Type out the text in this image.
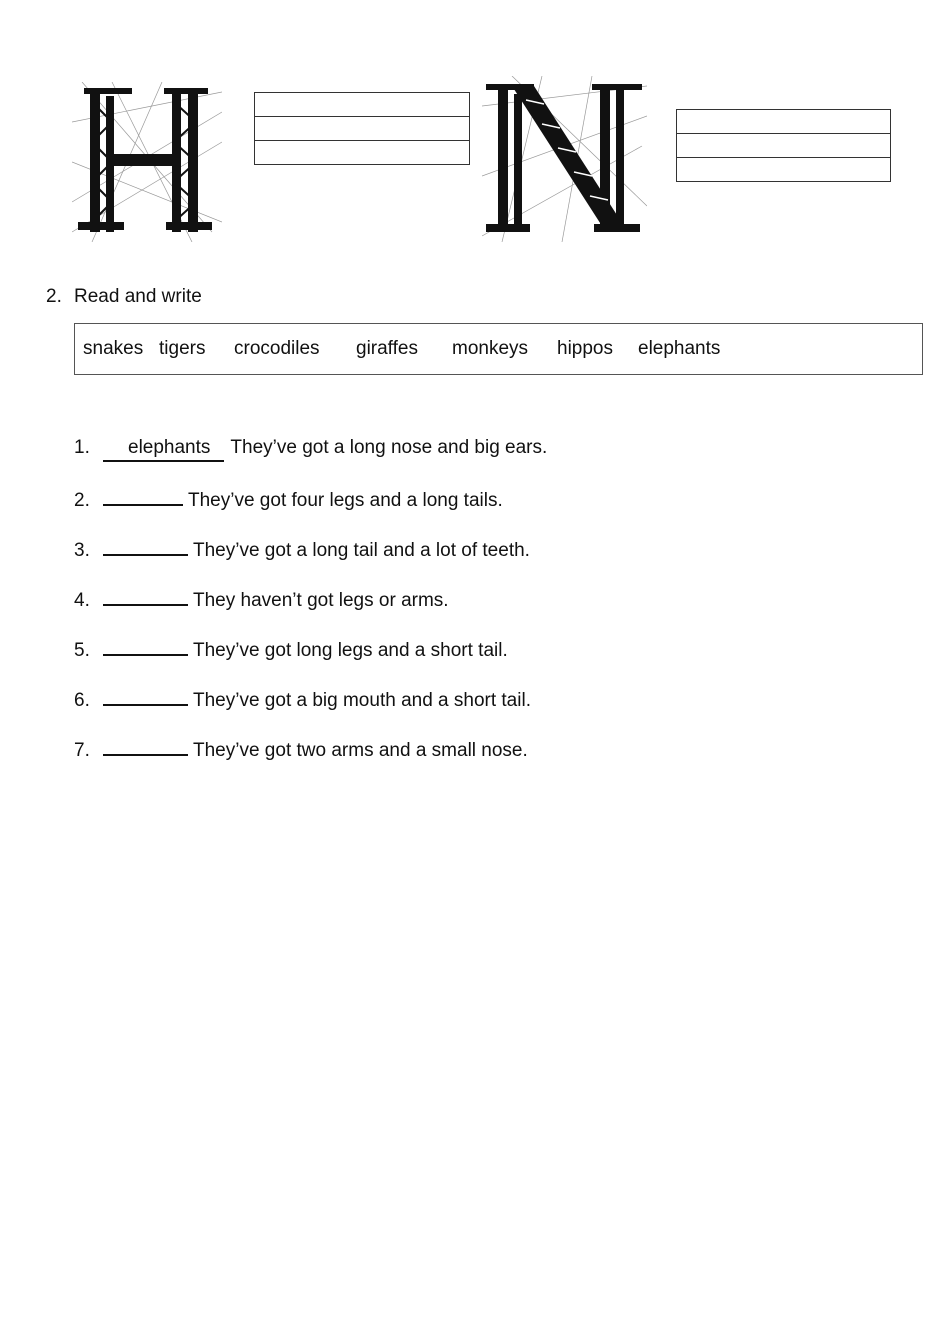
2. Read and write
snakes tigers crocodiles giraffes monkeys hippos elephants
1. elephants They’ve got a long nose and big ears.
2.	They’ve got four legs and a long tails.
3.	They’ve got a long tail and a lot of teeth.
4.	They haven’t got legs or arms.
5.	They’ve got long legs and a short tail.
6.	They’ve got a big mouth and a short tail.
7.	They’ve got two arms and a small nose.
